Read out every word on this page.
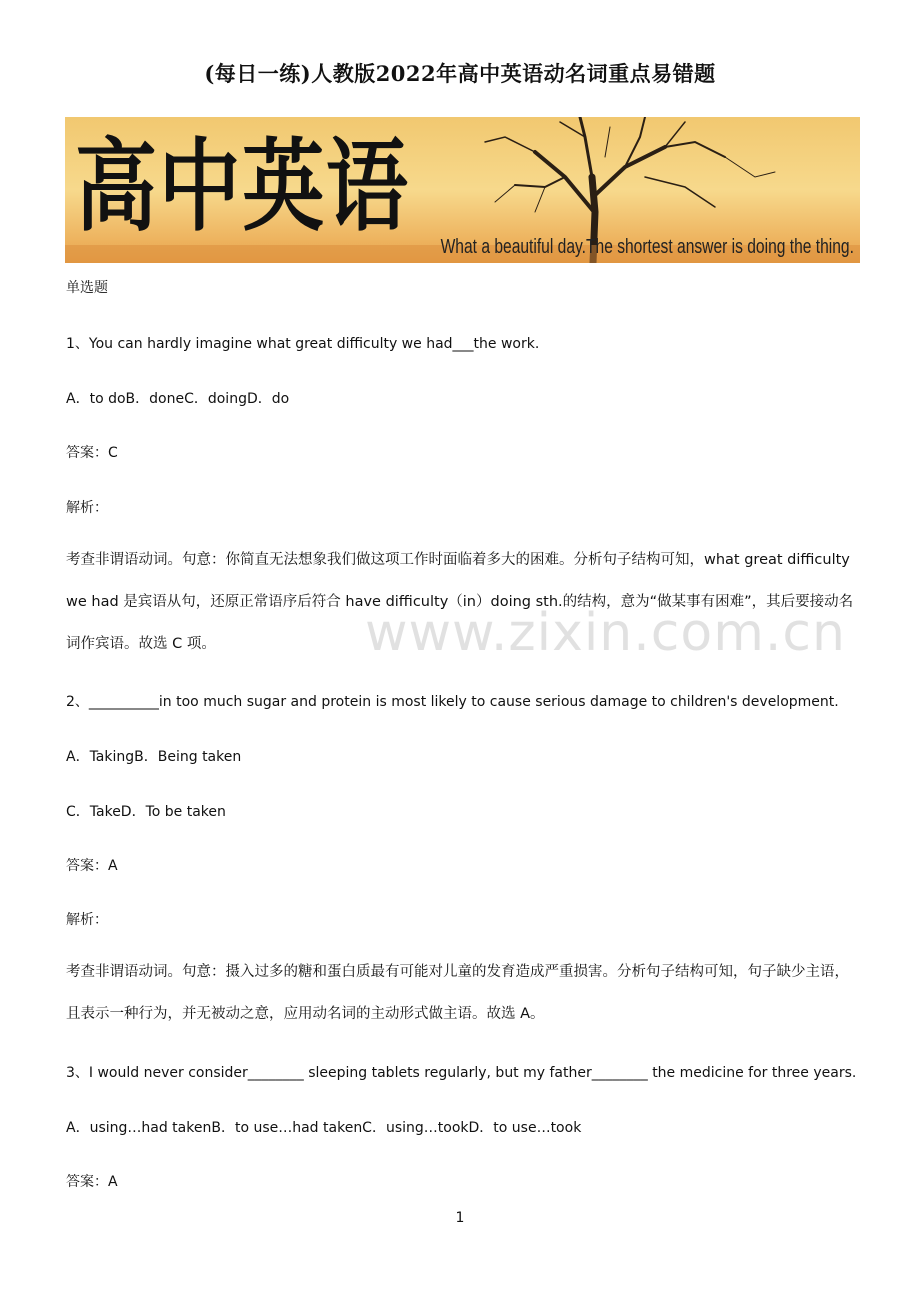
(每日一练)人教版2022年高中英语动名词重点易错题
高中英语
What a beautiful day.The shortest answer is doing the thing.
单选题
1、You can hardly imagine what great difficulty we had___the work.
A．to doB．doneC．doingD．do
答案：C
解析：
考查非谓语动词。句意：你简直无法想象我们做这项工作时面临着多大的困难。分析句子结构可知，what great difficulty we had 是宾语从句，还原正常语序后符合 have difficulty（in）doing sth.的结构，意为“做某事有困难”，其后要接动名词作宾语。故选 C 项。
2、__________in too much sugar and protein is most likely to cause serious damage to children's development.
A．TakingB．Being taken
C．TakeD．To be taken
答案：A
解析：
考查非谓语动词。句意：摄入过多的糖和蛋白质最有可能对儿童的发育造成严重损害。分析句子结构可知，句子缺少主语，且表示一种行为，并无被动之意，应用动名词的主动形式做主语。故选 A。
3、I would never consider________ sleeping tablets regularly, but my father________ the medicine for three years.
A．using…had takenB．to use…had takenC．using…tookD．to use…took
答案：A
www.zixin.com.cn
1
